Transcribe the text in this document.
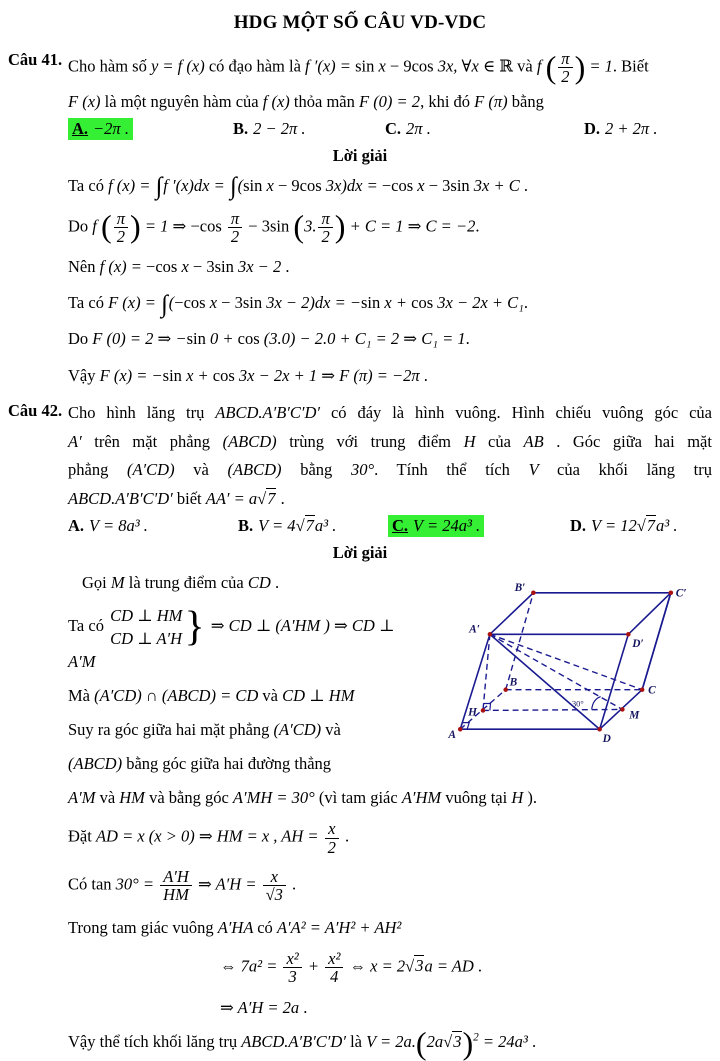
HDG MỘT SỐ CÂU VD-VDC
Câu 41. Cho hàm số y = f (x) có đạo hàm là f ′(x) = sin x − 9cos 3x, ∀x ∈ ℝ và f ( $\frac{\pi}{2}$ ) = 1. Biết
F (x) là một nguyên hàm của f (x) thỏa mãn F (0) = 2, khi đó F (π) bằng
A. −2π .	B. 2 − 2π .	C. 2π .	D. 2 + 2π .
Lời giải
Ta có f (x) = ∫f ′(x)dx = ∫(sin x − 9cos 3x)dx = −cos x − 3sin 3x + C .
Do f ( $\frac{\pi}{2}$ ) = 1 ⇒ $-\cos \frac{\pi}{2} - 3\sin$ (3. $\frac{\pi}{2}$ ) + C = 1 ⇒ C = −2.
Nên f (x) = −cos x − 3sin 3x − 2 .
Ta có F (x) = ∫(−cos x − 3sin 3x − 2)dx = −sin x + cos 3x − 2x + C₁.
Do F (0) = 2 ⇒ −sin 0 + cos (3.0) − 2.0 + C₁ = 2 ⇒ C₁ = 1.
Vậy F (x) = −sin x + cos 3x − 2x + 1 ⇒ F (π) = −2π .
Câu 42. Cho hình lăng trụ ABCD.A′B′C′D′ có đáy là hình vuông. Hình chiếu vuông góc của
A′ trên mặt phẳng (ABCD) trùng với trung điểm H của AB . Góc giữa hai mặt
phẳng (A′CD) và (ABCD) bằng 30°. Tính thể tích V của khối lăng trụ
ABCD.A′B′C′D′ biết AA′ = a√7 .
A. V = 8a³ .	B. V = 4√7a³ .	C. V = 24a³ .	D. V = 12√7a³ .
Lời giải
A
B
C
D
A′
B′	C′
D′
H	M
30°
Gọi M là trung điểm của CD .
Ta có
CD ⊥ HM
CD ⊥ A′H } ⇒ CD ⊥ (A′HM ) ⇒ CD ⊥ A′M
Mà (A′CD) ∩ (ABCD) = CD và CD ⊥ HM
Suy ra góc giữa hai mặt phẳng (A′CD) và
(ABCD) bằng góc giữa hai đường thẳng
A′M và HM và bằng góc A′MH = 30° (vì tam giác A′HM vuông tại H ).
Đặt AD = x (x > 0) ⇒ HM = x , AH = $\frac{x}{2}$ .
Có $\tan 30^\circ = \frac{A'H}{HM}$ ⇒ $A'H = \frac{x}{√3}$ .
Trong tam giác vuông A′HA có A′A² = A′H² + AH²
⇔ $7a^2 = \frac{\text{x²}}{3} + \frac{\text{x²}}{4}$ ⇔ x = 2√3a = AD .
⇒ A′H = 2a .
Vậy thể tích khối lăng trụ ABCD.A′B′C′D′ là $V = 2a.(2a√3)^2 = 24a^3$ .
